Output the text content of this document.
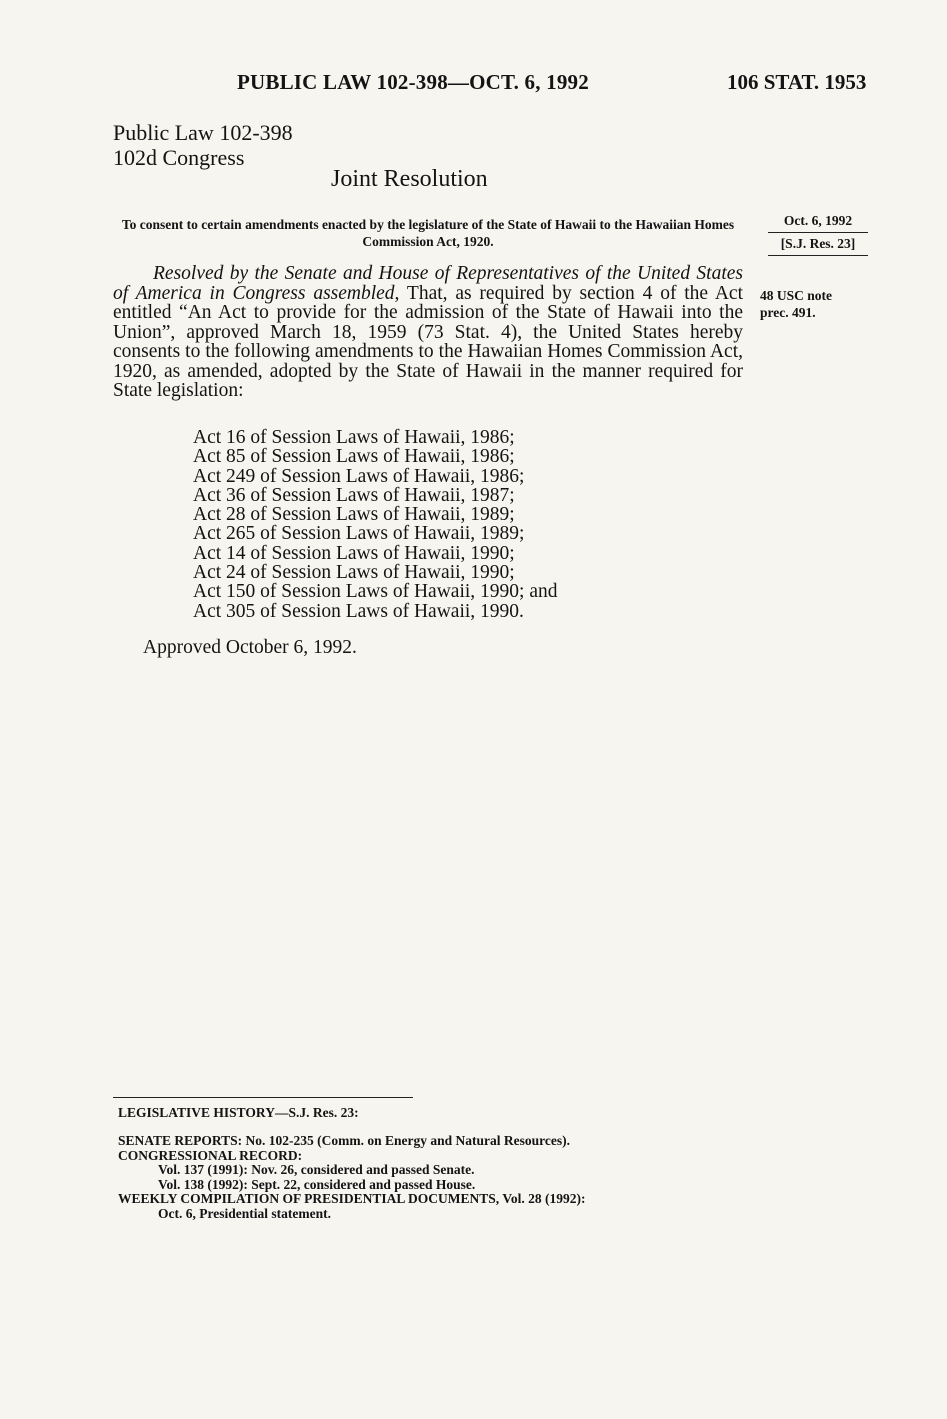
PUBLIC LAW 102-398—OCT. 6, 1992	106 STAT. 1953
Public Law 102-398
102d Congress
Joint Resolution
To consent to certain amendments enacted by the legislature of the State of Hawaii to the Hawaiian Homes Commission Act, 1920.
Oct. 6, 1992
[S.J. Res. 23]
48 USC note
prec. 491.
Resolved by the Senate and House of Representatives of the United States of America in Congress assembled, That, as required by section 4 of the Act entitled “An Act to provide for the admission of the State of Hawaii into the Union”, approved March 18, 1959 (73 Stat. 4), the United States hereby consents to the following amendments to the Hawaiian Homes Commission Act, 1920, as amended, adopted by the State of Hawaii in the manner required for State legislation:
Act 16 of Session Laws of Hawaii, 1986;
Act 85 of Session Laws of Hawaii, 1986;
Act 249 of Session Laws of Hawaii, 1986;
Act 36 of Session Laws of Hawaii, 1987;
Act 28 of Session Laws of Hawaii, 1989;
Act 265 of Session Laws of Hawaii, 1989;
Act 14 of Session Laws of Hawaii, 1990;
Act 24 of Session Laws of Hawaii, 1990;
Act 150 of Session Laws of Hawaii, 1990; and
Act 305 of Session Laws of Hawaii, 1990.
Approved October 6, 1992.
LEGISLATIVE HISTORY—S.J. Res. 23:
SENATE REPORTS: No. 102-235 (Comm. on Energy and Natural Resources).
CONGRESSIONAL RECORD:
Vol. 137 (1991): Nov. 26, considered and passed Senate.
Vol. 138 (1992): Sept. 22, considered and passed House.
WEEKLY COMPILATION OF PRESIDENTIAL DOCUMENTS, Vol. 28 (1992):
Oct. 6, Presidential statement.
